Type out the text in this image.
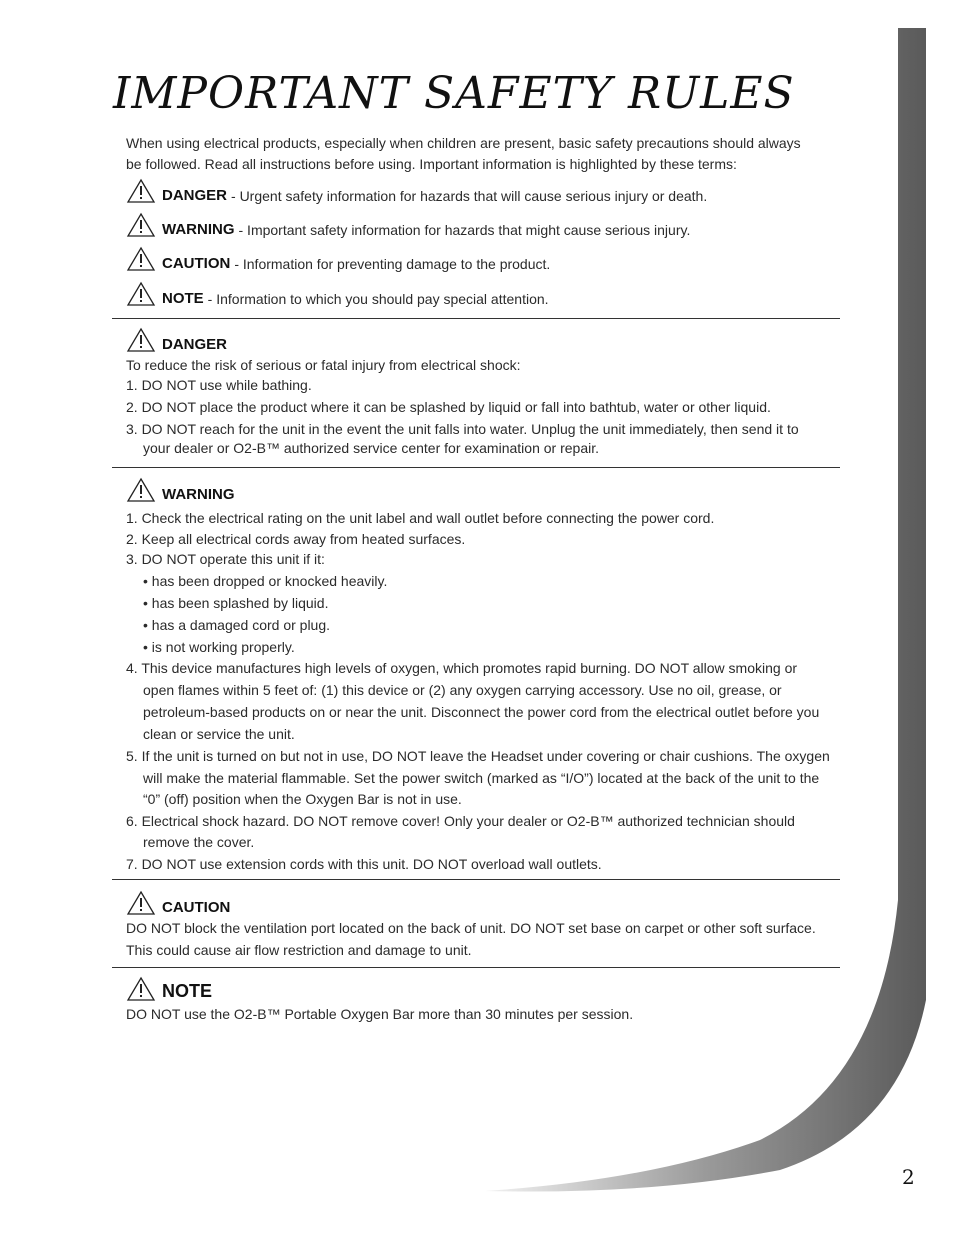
IMPORTANT SAFETY RULES
When using electrical products, especially when children are present, basic safety precautions should always be followed. Read all instructions before using. Important information is highlighted by these terms:
DANGER - Urgent safety information for hazards that will cause serious injury or death.
WARNING - Important safety information for hazards that might cause serious injury.
CAUTION - Information for preventing damage to the product.
NOTE - Information to which you should pay special attention.
DANGER
To reduce the risk of serious or fatal injury from electrical shock:
1. DO NOT use while bathing.
2. DO NOT place the product where it can be splashed by liquid or fall into bathtub, water or other liquid.
3. DO NOT reach for the unit in the event the unit falls into water. Unplug the unit immediately, then send it to
your dealer or O2-B™ authorized service center for examination or repair.
WARNING
1. Check the electrical rating on the unit label and wall outlet before connecting the power cord.
2. Keep all electrical cords away from heated surfaces.
3. DO NOT operate this unit if it:
• has been dropped or knocked heavily.
• has been splashed by liquid.
• has a damaged cord or plug.
• is not working properly.
4. This device manufactures high levels of oxygen, which promotes rapid burning. DO NOT allow smoking or
open flames within 5 feet of: (1) this device or (2) any oxygen carrying accessory. Use no oil, grease, or
petroleum-based products on or near the unit. Disconnect the power cord from the electrical outlet before you
clean or service the unit.
5. If the unit is turned on but not in use, DO NOT leave the Headset under covering or chair cushions. The oxygen
will make the material flammable. Set the power switch (marked as “I/O”) located at the back of the unit to the
“0” (off) position when the Oxygen Bar is not in use.
6. Electrical shock hazard. DO NOT remove cover! Only your dealer or O2-B™ authorized technician should
remove the cover.
7. DO NOT use extension cords with this unit. DO NOT overload wall outlets.
CAUTION
DO NOT block the ventilation port located on the back of unit. DO NOT set base on carpet or other soft surface.
This could cause air flow restriction and damage to unit.
NOTE
DO NOT use the O2-B™ Portable Oxygen Bar more than 30 minutes per session.
2
